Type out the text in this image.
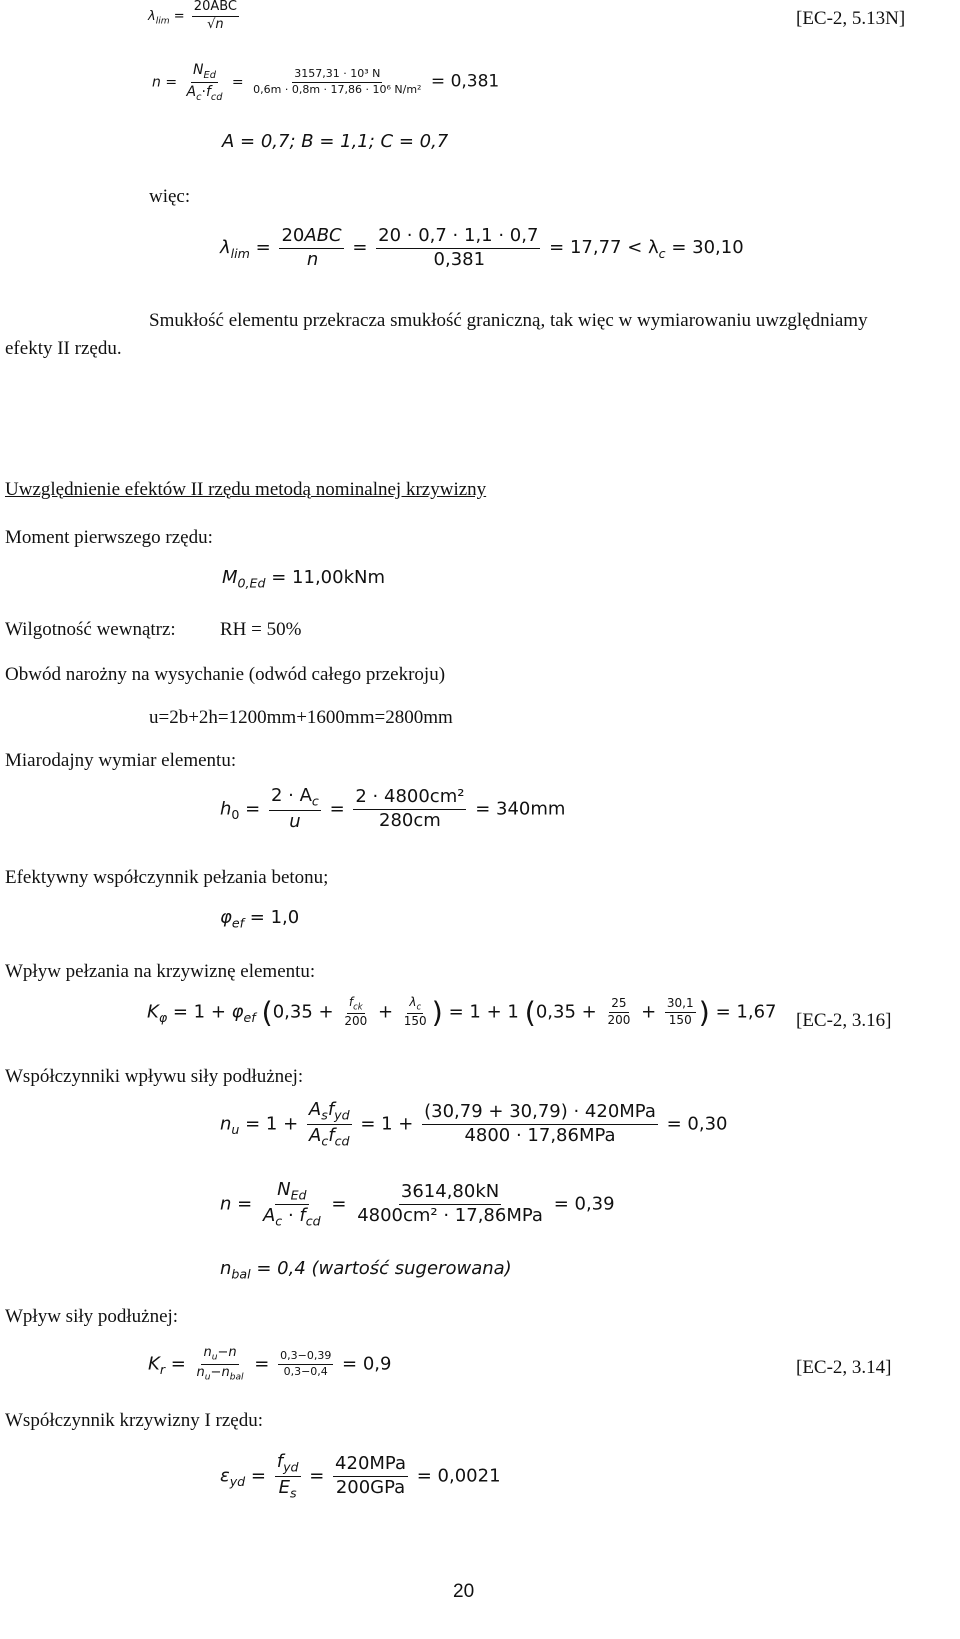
$\lambda_{lim} = \frac{\text{20ABC}}{√n}$	[EC-2, 5.13N]
$n = \frac{N_{Ed}}{A_c\cdot f_{cd}} = \frac{\text{3157,31 · 10³ N}}{\text{0,6m · 0,8m · 17,86 · 10⁶ N/m²}} = 0,381$
A = 0,7; B = 1,1; C = 0,7
więc:
$\lambda_{lim} = \frac{\text{20ABC}}{n} = \frac{20 \cdot 0,7 \cdot 1,1 \cdot 0,7}{0,381} = 17,77 < \lambda_c = 30,10$
Smukłość elementu przekracza smukłość graniczną, tak więc w wymiarowaniu uwzględniamy
efekty II rzędu.
Uwzględnienie efektów II rzędu metodą nominalnej krzywizny
Moment pierwszego rzędu:
$M_{0,Ed} = 11,00kNm$
Wilgotność wewnątrz: RH = 50%
Obwód narożny na wysychanie (odwód całego przekroju)
u=2b+2h=1200mm+1600mm=2800mm
Miarodajny wymiar elementu:
$h_0 = \frac{2 \cdot A_c}{u} = \frac{\text{2 · 4800cm²}}{280cm} = 340mm$
Efektywny współczynnik pełzania betonu;
$\varphi_{ef} = 1,0$
Wpływ pełzania na krzywiznę elementu:
$K_\varphi = 1 + \varphi_{ef}$ ($0,35 + \frac{f_{ck}}{200} + \frac{\lambda_c}{150}$ ) = 1 + 1 ($0,35 + \frac{25}{200} + \frac{30,1}{150}$ ) = 1,67 [EC-2, 3.16]
Współczynniki wpływu siły podłużnej:
$n_u = 1 + \frac{A_sf_{yd}}{A_cf_{cd}} = 1 + \frac{\text{(30,79 + 30,79) · 420MPa}}{\text{4800 · 17,86MPa}} = 0,30$
$n = \frac{N_{Ed}}{A_c \cdot f_{cd}} = \frac{3614,80kN}{\text{4800cm² · 17,86MPa}} = 0,39$
$n_{bal} = 0,4$ (wartość sugerowana)
Wpływ siły podłużnej:
$K_r = \frac{n_u-n}{n_u-n_{bal}} = \frac{0,3-0,39}{0,3-0,4} = 0,9$	[EC-2, 3.14]
Współczynnik krzywizny I rzędu:
$\varepsilon_{yd} = \frac{f_{yd}}{E_s} = \frac{\text{420MPa}}{\text{200GPa}} = 0,0021$
20
